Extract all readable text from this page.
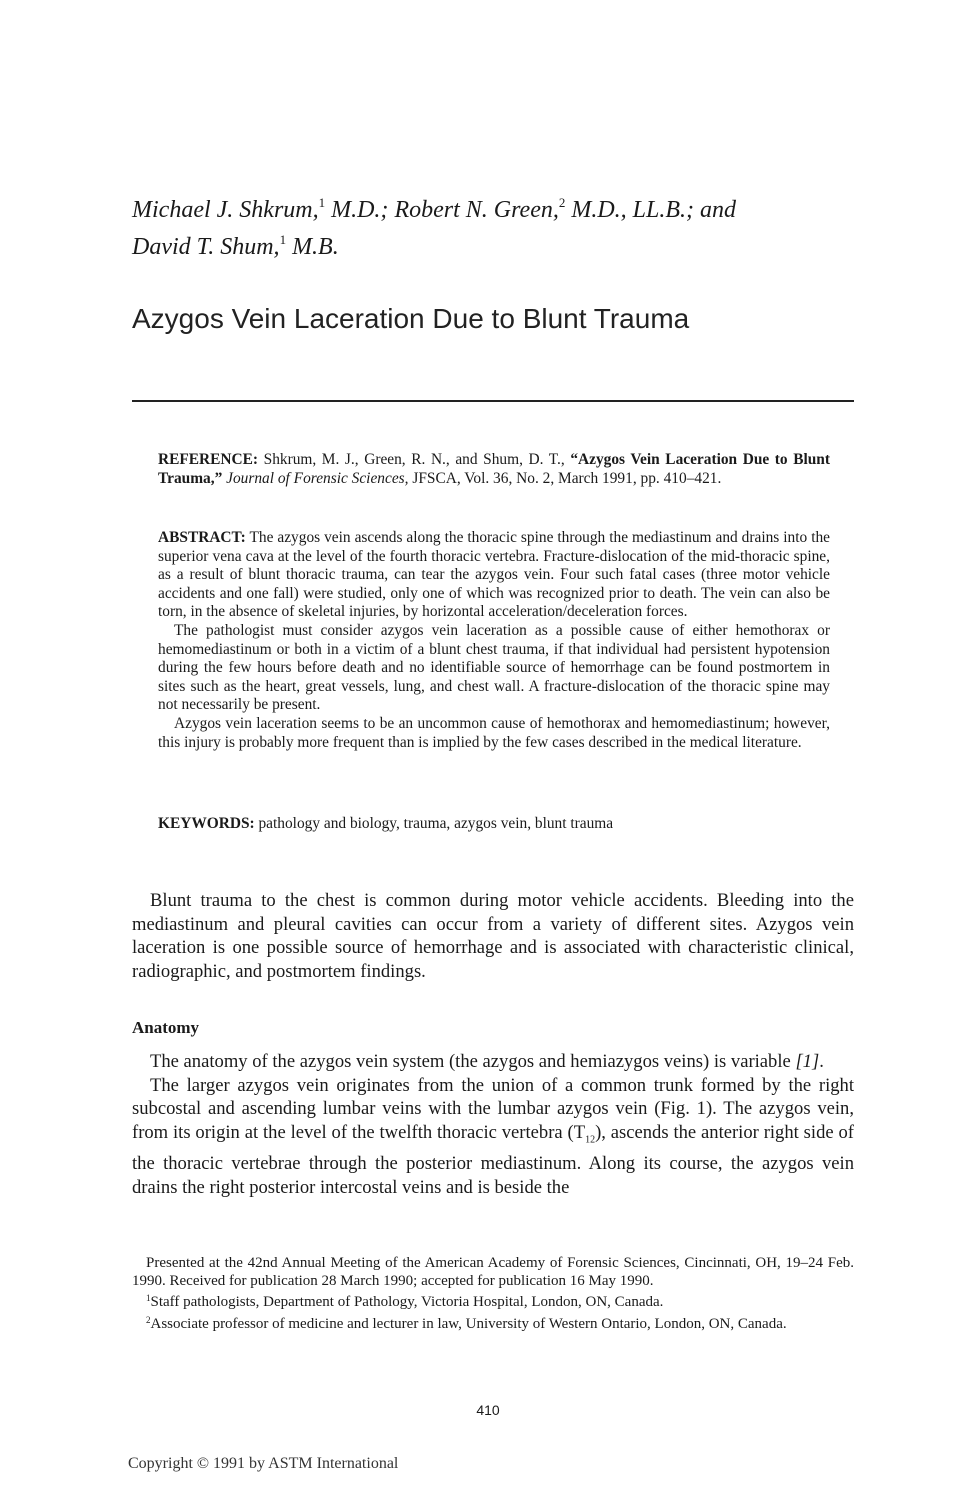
Michael J. Shkrum,$^1$ M.D.; Robert N. Green,$^2$ M.D., LL.B.; and
David T. Shum,$^1$ M.B.
Azygos Vein Laceration Due to Blunt Trauma

REFERENCE: Shkrum, M. J., Green, R. N., and Shum, D. T., “Azygos Vein Laceration Due to Blunt Trauma,” Journal of Forensic Sciences, JFSCA, Vol. 36, No. 2, March 1991, pp. 410–421.

ABSTRACT: The azygos vein ascends along the thoracic spine through the mediastinum and drains into the superior vena cava at the level of the fourth thoracic vertebra. Fracture-dislocation of the mid-thoracic spine, as a result of blunt thoracic trauma, can tear the azygos vein. Four such fatal cases (three motor vehicle accidents and one fall) were studied, only one of which was recognized prior to death. The vein can also be torn, in the absence of skeletal injuries, by horizontal acceleration/deceleration forces.

The pathologist must consider azygos vein laceration as a possible cause of either hemothorax or hemomediastinum or both in a victim of a blunt chest trauma, if that individual had persistent hypotension during the few hours before death and no identifiable source of hemorrhage can be found postmortem in sites such as the heart, great vessels, lung, and chest wall. A fracture-dislocation of the thoracic spine may not necessarily be present.

Azygos vein laceration seems to be an uncommon cause of hemothorax and hemomediastinum; however, this injury is probably more frequent than is implied by the few cases described in the medical literature.

KEYWORDS: pathology and biology, trauma, azygos vein, blunt trauma

Blunt trauma to the chest is common during motor vehicle accidents. Bleeding into the mediastinum and pleural cavities can occur from a variety of different sites. Azygos vein laceration is one possible source of hemorrhage and is associated with characteristic clinical, radiographic, and postmortem findings.

Anatomy

The anatomy of the azygos vein system (the azygos and hemiazygos veins) is variable [1].

The larger azygos vein originates from the union of a common trunk formed by the right subcostal and ascending lumbar veins with the lumbar azygos vein (Fig. 1). The azygos vein, from its origin at the level of the twelfth thoracic vertebra $(T_{12})$, ascends the anterior right side of the thoracic vertebrae through the posterior mediastinum. Along its course, the azygos vein drains the right posterior intercostal veins and is beside the

Presented at the 42nd Annual Meeting of the American Academy of Forensic Sciences, Cincinnati, OH, 19–24 Feb. 1990. Received for publication 28 March 1990; accepted for publication 16 May 1990.

$^1$Staff pathologists, Department of Pathology, Victoria Hospital, London, ON, Canada.

$^2$Associate professor of medicine and lecturer in law, University of Western Ontario, London, ON, Canada.

410
Copyright © 1991 by ASTM International
